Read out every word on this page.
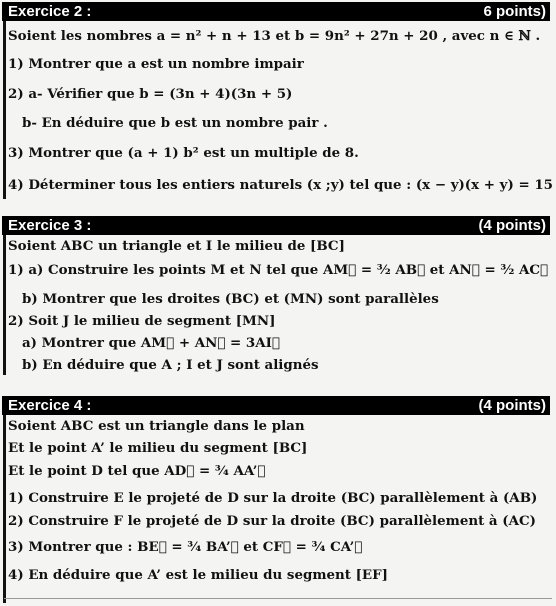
Exercice 2 :	6 points)
Soient les nombres a = n² + n + 13 et b = 9n² + 27n + 20 , avec n ∈ ℕ .
1) Montrer que a est un nombre impair
2) a- Vérifier que b = (3n + 4)(3n + 5)
b- En déduire que b est un nombre pair .
3) Montrer que (a + 1) b² est un multiple de 8.
4) Déterminer tous les entiers naturels (x ;y) tel que : (x − y)(x + y) = 15
Exercice 3 :	(4 points)
Soient ABC un triangle et I le milieu de [BC]
1) a) Construire les points M et N tel que AM⃗ = ³⁄₂ AB⃗ et AN⃗ = ³⁄₂ AC⃗
b) Montrer que les droites (BC) et (MN) sont parallèles
2) Soit J le milieu de segment [MN]
a) Montrer que AM⃗ + AN⃗ = 3AI⃗
b) En déduire que A ; I et J sont alignés
Exercice 4 :	(4 points)
Soient ABC est un triangle dans le plan
Et le point A’ le milieu du segment [BC]
Et le point D tel que AD⃗ = ³⁄₄ AA’⃗
1) Construire E le projeté de D sur la droite (BC) parallèlement à (AB)
2) Construire F le projeté de D sur la droite (BC) parallèlement à (AC)
3) Montrer que : BE⃗ = ³⁄₄ BA’⃗ et CF⃗ = ³⁄₄ CA’⃗
4) En déduire que A’ est le milieu du segment [EF]
